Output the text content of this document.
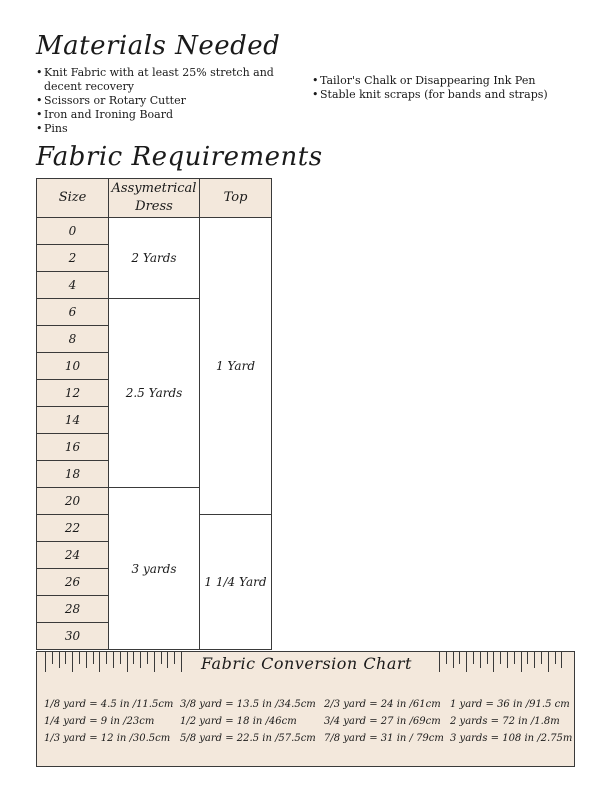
Materials Needed
• Knit Fabric with at least 25% stretch and decent recovery
• Scissors or Rotary Cutter
• Iron and Ironing Board
• Pins
• Tailor's Chalk or Disappearing Ink Pen
• Stable knit scraps (for bands and straps)
Fabric Requirements
Size	Assymetrical Dress	Top
0	2 Yards	1 Yard
2		
4		
6	2.5 Yards	
8		
10		
12		
14		
16		
18		
20	3 yards	
22		1 1/4 Yard
24		
26		
28		
30		
Fabric Conversion Chart
1/8 yard = 4.5 in /11.5cm
1/4 yard = 9 in /23cm
1/3 yard = 12 in /30.5cm
3/8 yard = 13.5 in /34.5cm
1/2 yard = 18 in /46cm
5/8 yard = 22.5 in /57.5cm
2/3 yard = 24 in /61cm
3/4 yard = 27 in /69cm
7/8 yard = 31 in / 79cm
1 yard = 36 in /91.5 cm
2 yards = 72 in /1.8m
3 yards = 108 in /2.75m
